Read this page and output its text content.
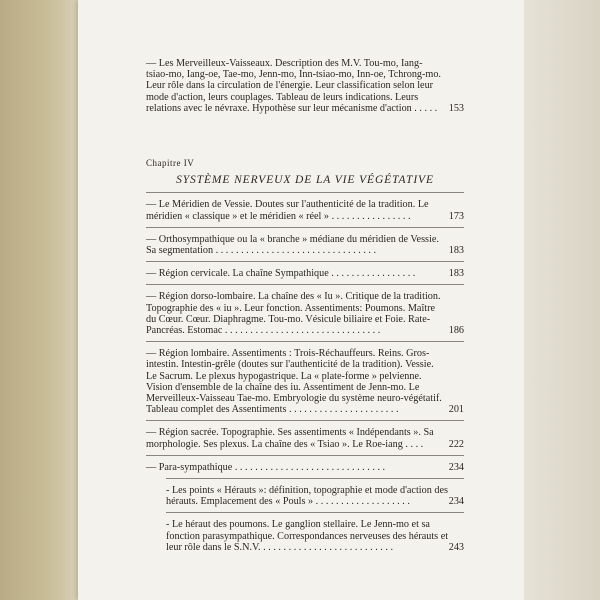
— Les Merveilleux-Vaisseaux. Description des M.V. Tou-mo, Iang-
tsiao-mo, Iang-oe, Tae-mo, Jenn-mo, Inn-tsiao-mo, Inn-oe, Tchrong-mo.
Leur rôle dans la circulation de l'énergie. Leur classification selon leur
mode d'action, leurs couplages. Tableau de leurs indications. Leurs
relations avec le névraxe. Hypothèse sur leur mécanisme d'action . . . . .	153
Chapitre IV
SYSTÈME NERVEUX DE LA VIE VÉGÉTATIVE
— Le Méridien de Vessie. Doutes sur l'authenticité de la tradition. Le
méridien « classique » et le méridien « réel » . . . . . . . . . . . . . . . .	173
— Orthosympathique ou la « branche » médiane du méridien de Vessie.
Sa segmentation . . . . . . . . . . . . . . . . . . . . . . . . . . . . . . . .	183
— Région cervicale. La chaîne Sympathique . . . . . . . . . . . . . . . . .	183
— Région dorso-lombaire. La chaîne des « Iu ». Critique de la tradition.
Topographie des « iu ». Leur fonction. Assentiments: Poumons. Maître
du Cœur. Cœur. Diaphragme. Tou-mo. Vésicule biliaire et Foie. Rate-
Pancréas. Estomac . . . . . . . . . . . . . . . . . . . . . . . . . . . . . . .	186
— Région lombaire. Assentiments : Trois-Réchauffeurs. Reins. Gros-
intestin. Intestin-grêle (doutes sur l'authenticité de la tradition). Vessie.
Le Sacrum. Le plexus hypogastrique. La « plate-forme » pelvienne.
Vision d'ensemble de la chaîne des iu. Assentiment de Jenn-mo. Le
Merveilleux-Vaisseau Tae-mo. Embryologie du système neuro-végétatif.
Tableau complet des Assentiments . . . . . . . . . . . . . . . . . . . . . .	201
— Région sacrée. Topographie. Ses assentiments « Indépendants ». Sa
morphologie. Ses plexus. La chaîne des « Tsiao ». Le Roe-iang . . . .	222
— Para-sympathique . . . . . . . . . . . . . . . . . . . . . . . . . . . . . .	234
- Les points « Hérauts »: définition, topographie et mode d'action des
hérauts. Emplacement des « Pouls » . . . . . . . . . . . . . . . . . . .	234
- Le héraut des poumons. Le ganglion stellaire. Le Jenn-mo et sa
fonction parasympathique. Correspondances nerveuses des hérauts et
leur rôle dans le S.N.V. . . . . . . . . . . . . . . . . . . . . . . . . . .	243
